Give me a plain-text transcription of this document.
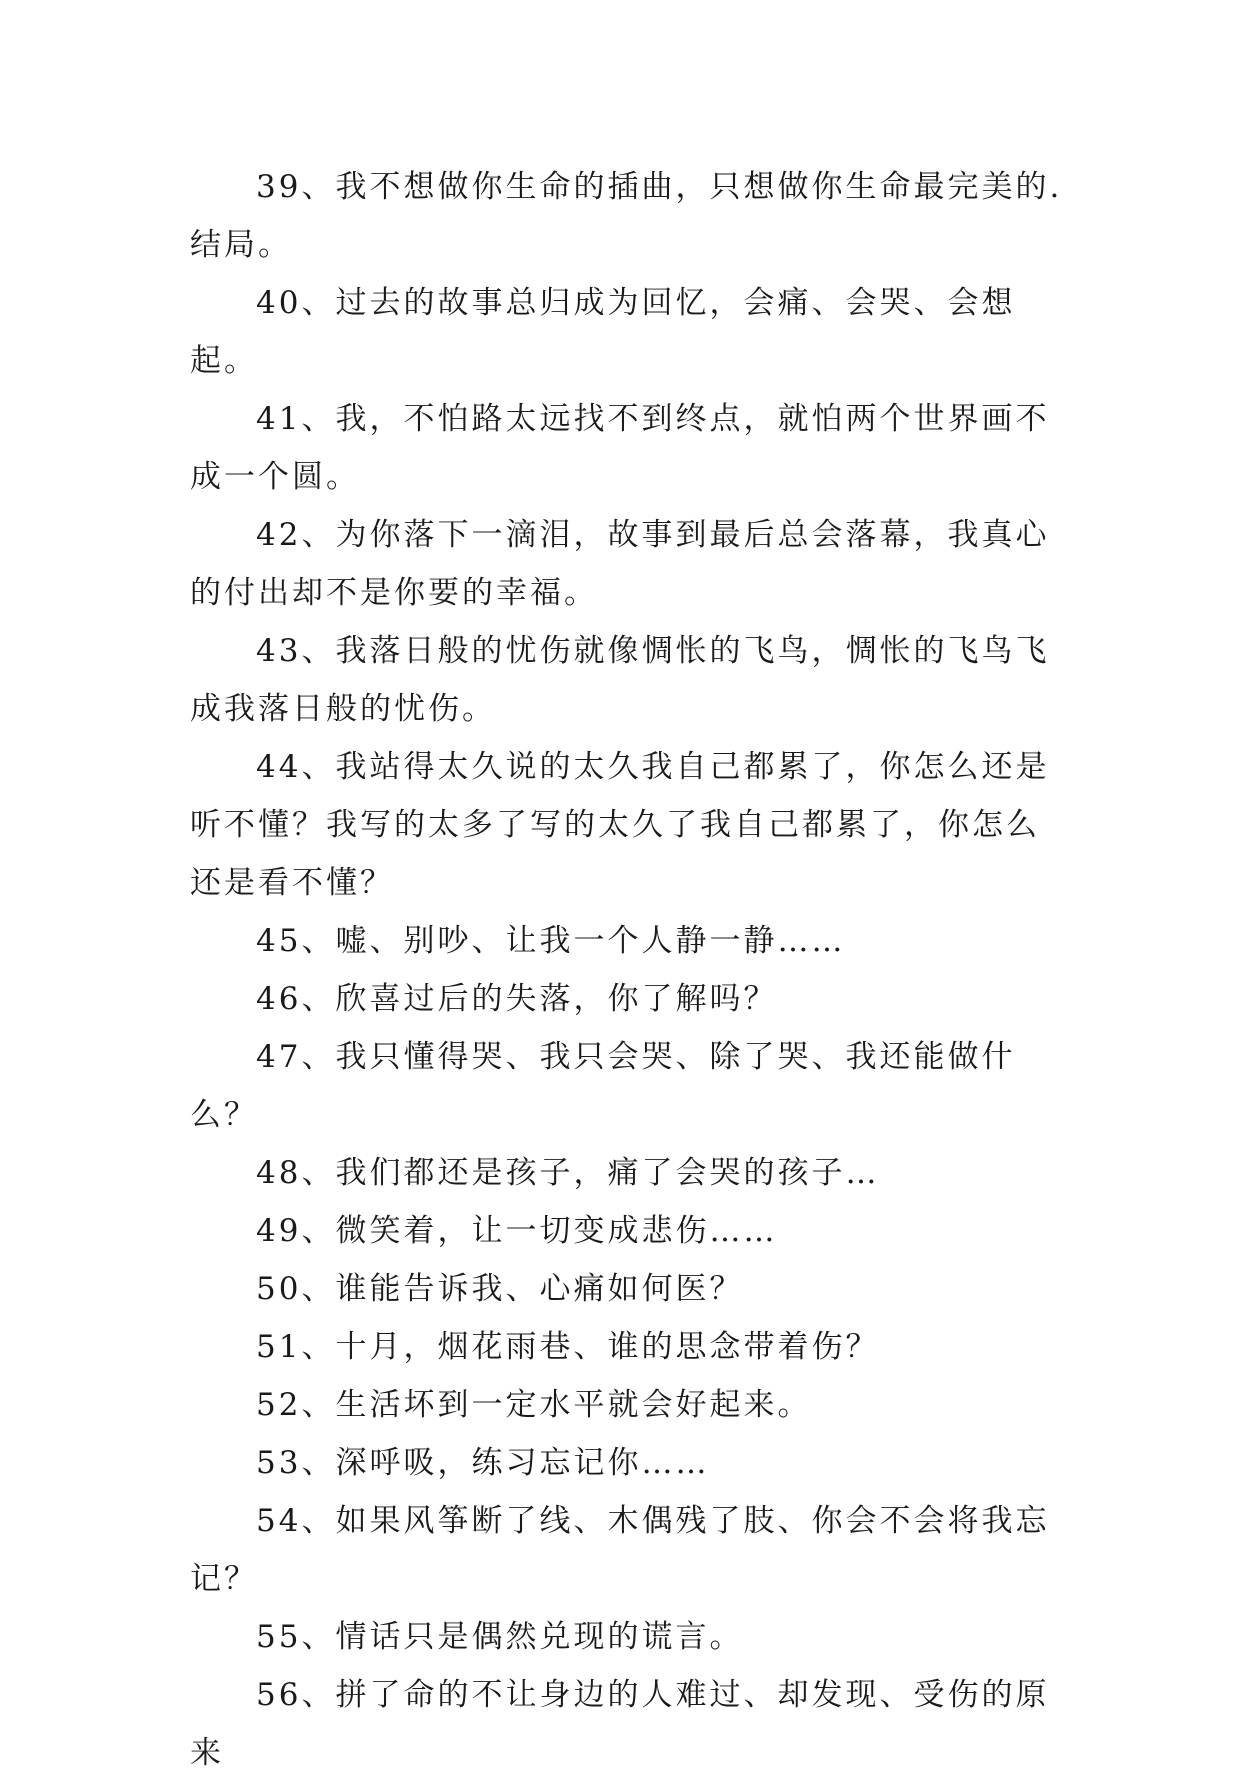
39、我不想做你生命的插曲，只想做你生命最完美的.结局。

40、过去的故事总归成为回忆，会痛、会哭、会想起。

41、我，不怕路太远找不到终点，就怕两个世界画不成一个圆。

42、为你落下一滴泪，故事到最后总会落幕，我真心的付出却不是你要的幸福。

43、我落日般的忧伤就像惆怅的飞鸟，惆怅的飞鸟飞成我落日般的忧伤。

44、我站得太久说的太久我自己都累了，你怎么还是听不懂？我写的太多了写的太久了我自己都累了，你怎么还是看不懂？

45、嘘、别吵、让我一个人静一静……

46、欣喜过后的失落，你了解吗？

47、我只懂得哭、我只会哭、除了哭、我还能做什么？

48、我们都还是孩子，痛了会哭的孩子…

49、微笑着，让一切变成悲伤……

50、谁能告诉我、心痛如何医？

51、十月，烟花雨巷、谁的思念带着伤？

52、生活坏到一定水平就会好起来。

53、深呼吸，练习忘记你……

54、如果风筝断了线、木偶残了肢、你会不会将我忘记？

55、情话只是偶然兑现的谎言。

56、拼了命的不让身边的人难过、却发现、受伤的原来
